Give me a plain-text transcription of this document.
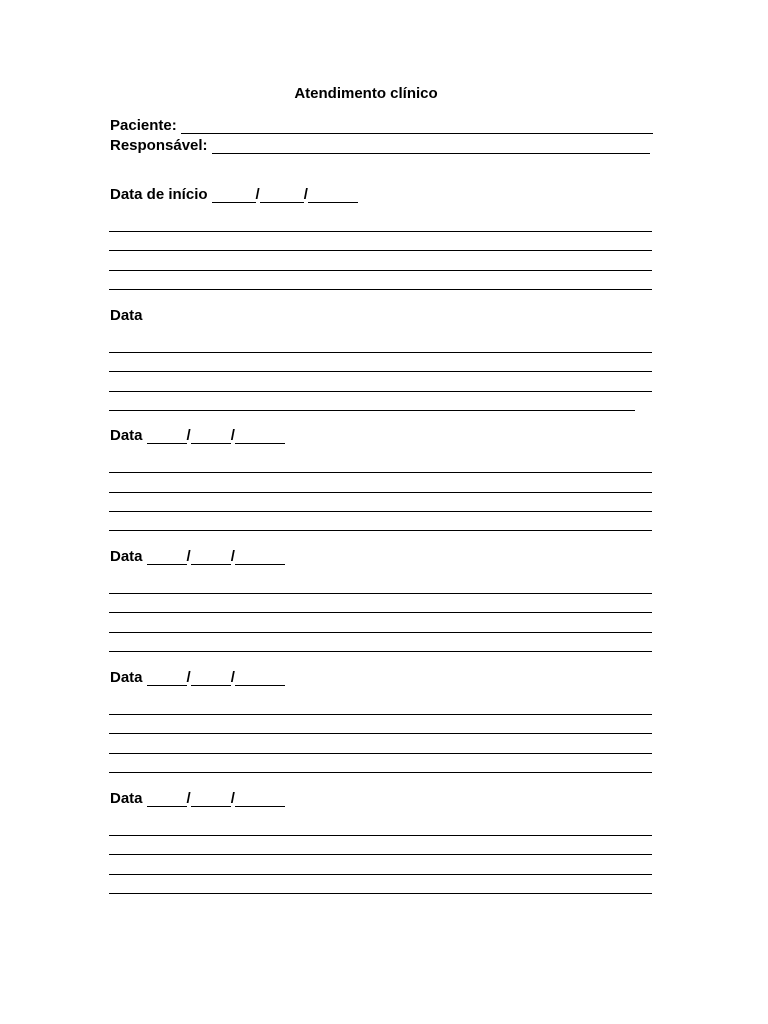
Atendimento clínico
Paciente:
Responsável:
Data de início	/	/
Data
Data	/	/
Data	/	/
Data	/	/
Data	/	/
